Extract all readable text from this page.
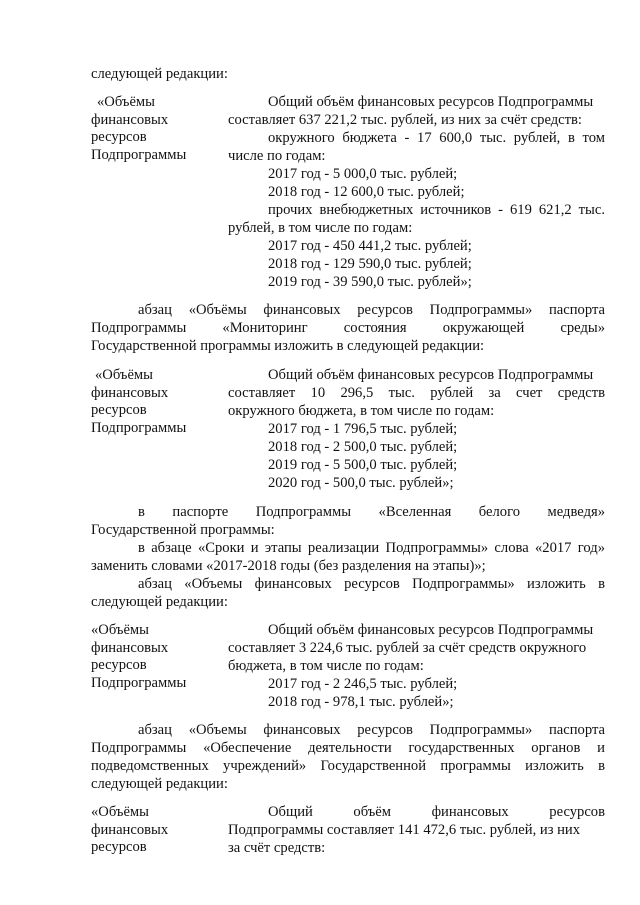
следующей редакции:
«Объёмы
финансовых
ресурсов
Подпрограммы
Общий объём финансовых ресурсов Подпрограммы
составляет 637 221,2 тыс. рублей, из них за счёт средств:
окружного бюджета - 17 600,0 тыс. рублей, в том
числе по годам:
2017 год - 5 000,0 тыс. рублей;
2018 год - 12 600,0 тыс. рублей;
прочих внебюджетных источников - 619 621,2 тыс.
рублей, в том числе по годам:
2017 год - 450 441,2 тыс. рублей;
2018 год - 129 590,0 тыс. рублей;
2019 год - 39 590,0 тыс. рублей»;
абзац «Объёмы финансовых ресурсов Подпрограммы» паспорта
Подпрограммы «Мониторинг состояния окружающей среды»
Государственной программы изложить в следующей редакции:
«Объёмы
финансовых
ресурсов
Подпрограммы
Общий объём финансовых ресурсов Подпрограммы
составляет 10 296,5 тыс. рублей за счет средств
окружного бюджета, в том числе по годам:
2017 год - 1 796,5 тыс. рублей;
2018 год - 2 500,0 тыс. рублей;
2019 год - 5 500,0 тыс. рублей;
2020 год - 500,0 тыс. рублей»;
в паспорте Подпрограммы «Вселенная белого медведя»
Государственной программы:
в абзаце «Сроки и этапы реализации Подпрограммы» слова «2017 год»
заменить словами «2017-2018 годы (без разделения на этапы)»;
абзац «Объемы финансовых ресурсов Подпрограммы» изложить в
следующей редакции:
«Объёмы
финансовых
ресурсов
Подпрограммы
Общий объём финансовых ресурсов Подпрограммы
составляет 3 224,6 тыс. рублей за счёт средств окружного
бюджета, в том числе по годам:
2017 год - 2 246,5 тыс. рублей;
2018 год - 978,1 тыс. рублей»;
абзац «Объемы финансовых ресурсов Подпрограммы» паспорта
Подпрограммы «Обеспечение деятельности государственных органов и
подведомственных учреждений» Государственной программы изложить в
следующей редакции:
«Объёмы
финансовых
ресурсов
Общий объём финансовых ресурсов
Подпрограммы составляет 141 472,6 тыс. рублей, из них
за счёт средств:
